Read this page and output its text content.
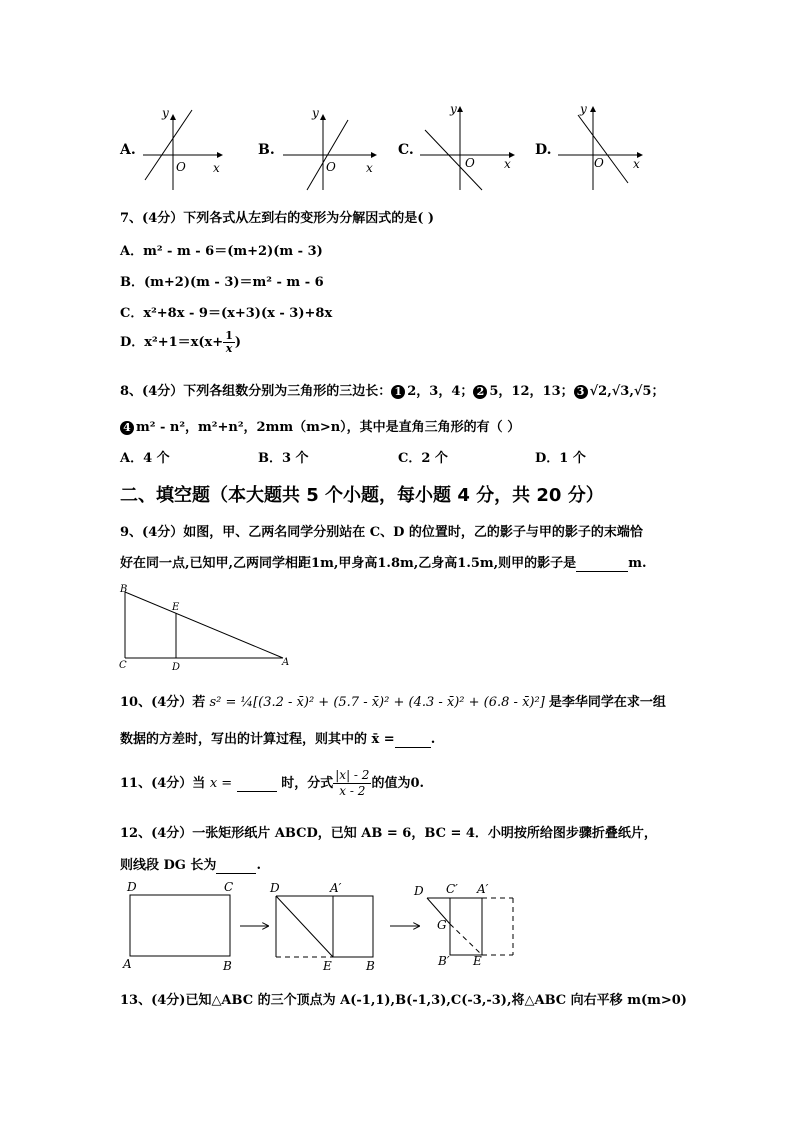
A.	B.	C.	D.
y
x
O
y
x
O
y
x
O
y
x
O
7、(4分）下列各式从左到右的变形为分解因式的是( )
A．m² - m - 6＝(m+2)(m - 3)
B．(m+2)(m - 3)＝m² - m - 6
C．x²+8x - 9＝(x+3)(x - 3)+8x
D．$x^2+1=x(x+ \frac{1}{x}$ )
8、(4分）下列各组数分别为三角形的三边长： 1 2，3，4； 2 5，12，13； 3 √2,√3,√5；
4 m² - n²，m²+n²，2mm（m>n），其中是直角三角形的有（ ）
A．4 个	B．3 个	C．2 个	D．1 个
二、填空题（本大题共 5 个小题，每小题 4 分，共 20 分）
9、(4分）如图，甲、乙两名同学分别站在 C、D 的位置时，乙的影子与甲的影子的末端恰
好在同一点,已知甲,乙两同学相距1m,甲身高1.8m,乙身高1.5m,则甲的影子是	m.
B
E
C	D	A
10、(4分）若 s² = ¼[(3.2 - x̄)² + (5.7 - x̄)² + (4.3 - x̄)² + (6.8 - x̄)²] 是李华同学在求一组
数据的方差时，写出的计算过程，则其中的 x̄ =	.
11、(4分）当 x =	时，分式 $\frac{|x| - 2}{x - 2}$ 的值为0.
12、(4分）一张矩形纸片 ABCD，已知 AB = 6，BC = 4．小明按所给图步骤折叠纸片，
则线段 DG 长为	.
D	C
A	B
D	A′
E	B
D C′ A′
G
B′ E
13、(4分)已知△ABC 的三个顶点为 A(-1,1),B(-1,3),C(-3,-3),将△ABC 向右平移 m(m>0)
